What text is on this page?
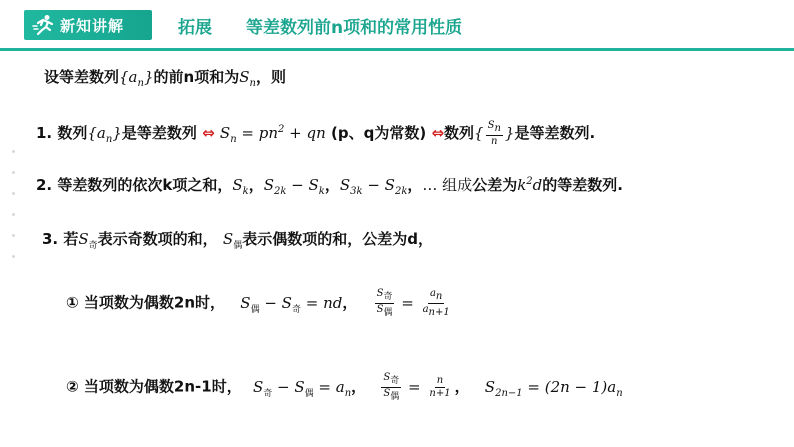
新知讲解	拓展 等差数列前n项和的常用性质
设等差数列$\{a_n\}$的前n项和为$S_n$，则
1. 数列$\{a_n\}$是等差数列 ⇔ $S_n = pn^2$ + qn (p、q为常数) ⇔数列{ $\frac{S_n}{n}$ }是等差数列.
2. 等差数列的依次k项之和，$S_k$，$S_{2k} - S_k$，$S_{3k} - S_{2k}$，… 组成公差为$k^2d$的等差数列.
3. 若$S_奇$表示奇数项的和， $S_偶$表示偶数项的和，公差为d，
① 当项数为偶数2n时， $S_偶 - S_奇$ = nd， $\frac{S_奇}{S_偶} = \frac{a_n}{a_{n+1}}$
② 当项数为偶数2n-1时， $S_奇 - S_偶 = a_n$， $\frac{S_奇}{S_偶} = \frac{n}{n+1}$ ， $S_{2n-1} = (2n - 1)a_n$
